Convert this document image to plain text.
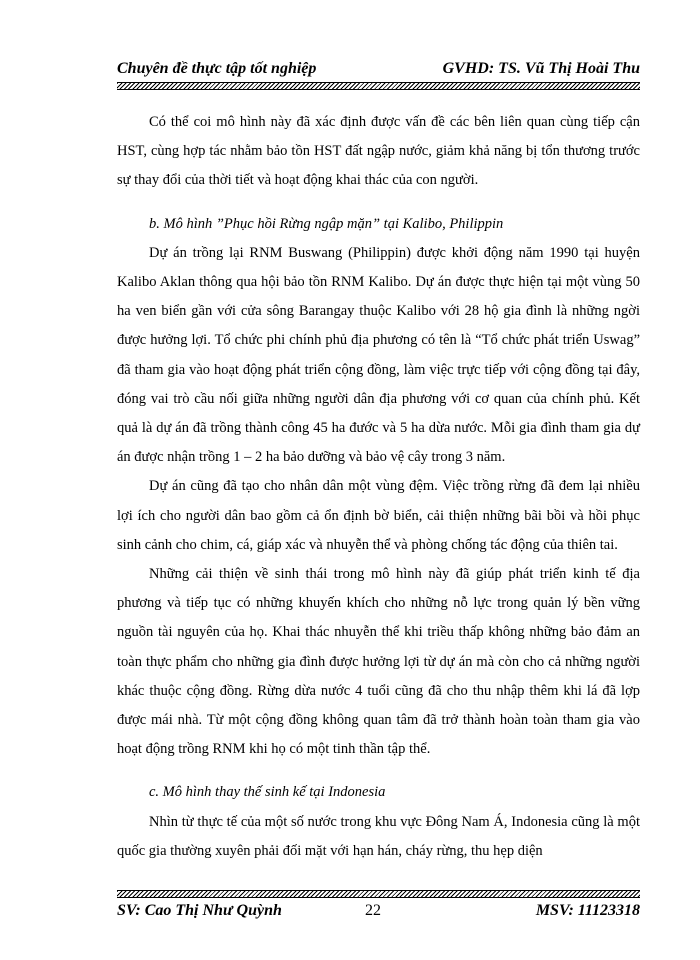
Chuyên đề thực tập tốt nghiệp	GVHD: TS. Vũ Thị Hoài Thu

Có thể coi mô hình này đã xác định được vấn đề các bên liên quan cùng tiếp cận HST, cùng hợp tác nhằm bảo tồn HST đất ngập nước, giảm khả năng bị tổn thương trước sự thay đổi của thời tiết và hoạt động khai thác của con người.

b. Mô hình ”Phục hồi Rừng ngập mặn” tại Kalibo, Philippin

Dự án trồng lại RNM Buswang (Philippin) được khởi động năm 1990 tại huyện Kalibo Aklan thông qua hội bảo tồn RNM Kalibo. Dự án được thực hiện tại một vùng 50 ha ven biển gần với cửa sông Barangay thuộc Kalibo với 28 hộ gia đình là những ngời được hưởng lợi. Tổ chức phi chính phủ địa phương có tên là “Tổ chức phát triển Uswag” đã tham gia vào hoạt động phát triển cộng đồng, làm việc trực tiếp với cộng đồng tại đây, đóng vai trò cầu nối giữa những người dân địa phương với cơ quan của chính phủ. Kết quả là dự án đã trồng thành công 45 ha đước và 5 ha dừa nước. Mỗi gia đình tham gia dự án được nhận trồng 1 – 2 ha bảo dưỡng và bảo vệ cây trong 3 năm.

Dự án cũng đã tạo cho nhân dân một vùng đệm. Việc trồng rừng đã đem lại nhiều lợi ích cho người dân bao gồm cả ổn định bờ biển, cải thiện những bãi bồi và hồi phục sinh cảnh cho chim, cá, giáp xác và nhuyễn thể và phòng chống tác động của thiên tai.

Những cải thiện về sinh thái trong mô hình này đã giúp phát triển kinh tế địa phương và tiếp tục có những khuyến khích cho những nỗ lực trong quản lý bền vững nguồn tài nguyên của họ. Khai thác nhuyễn thể khi triều thấp không những bảo đảm an toàn thực phẩm cho những gia đình được hưởng lợi từ dự án mà còn cho cả những người khác thuộc cộng đồng. Rừng dừa nước 4 tuổi cũng đã cho thu nhập thêm khi lá đã lợp được mái nhà. Từ một cộng đồng không quan tâm đã trở thành hoàn toàn tham gia vào hoạt động trồng RNM khi họ có một tinh thần tập thể.

c. Mô hình thay thế sinh kế tại Indonesia

Nhìn từ thực tế của một số nước trong khu vực Đông Nam Á, Indonesia cũng là một quốc gia thường xuyên phải đối mặt với hạn hán, cháy rừng, thu hẹp diện

SV: Cao Thị Như Quỳnh	22	MSV: 11123318
